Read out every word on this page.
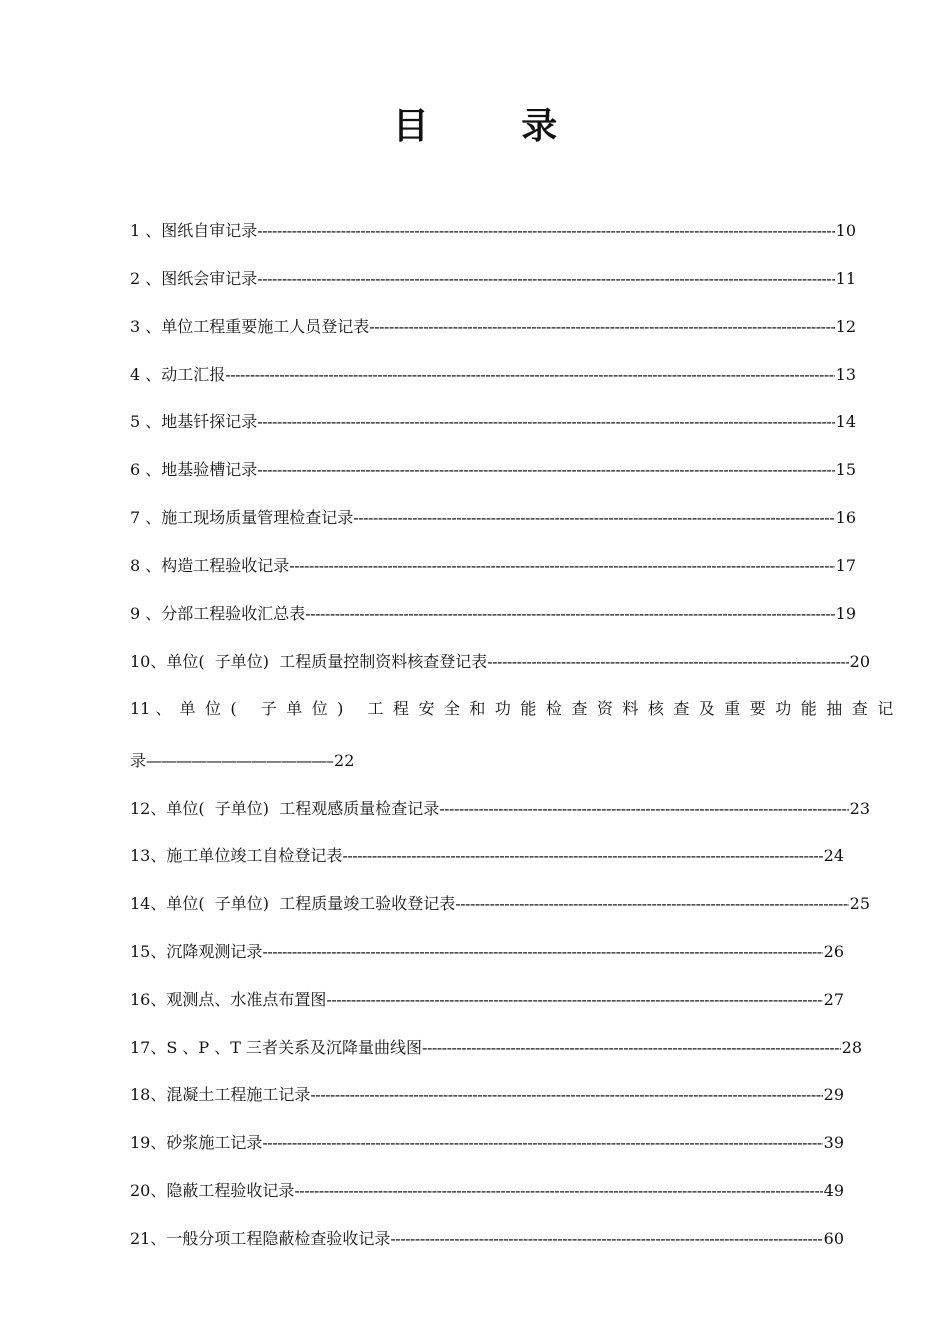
目 录
1 、 图纸自审记录 -----	10
2 、 图纸会审记录 -----	11
3 、 单位工程重要施工人员登记表 -----	12
4 、 动工汇报 -----	13
5 、 地基钎探记录 -----	14
6 、 地基验槽记录 -----	15
7 、 施工现场质量管理检查记录 -----	16
8 、 构造工程验收记录 -----	17
9 、 分部工程验收汇总表 -----	19
10、 单位(  子单位)  工程质量控制资料核查登记表 -----	20
11 、 单 位 (   子 单 位 )   工 程 安 全 和 功 能 检 查 资 料 核 查 及 重 要 功 能 抽 查 记
录 ————————————– 22
12、 单位(  子单位)  工程观感质量检查记录 -----	23
13、 施工单位竣工自检登记表 -----	24
14、 单位(  子单位)  工程质量竣工验收登记表 -----	25
15、 沉降观测记录 -----	26
16、 观测点、水准点布置图 -----	27
17、 S 、P 、T 三者关系及沉降量曲线图 -----	28
18、 混凝土工程施工记录 -----	29
19、 砂浆施工记录 -----	39
20、 隐蔽工程验收记录 -----	49
21、 一般分项工程隐蔽检查验收记录 -----	60
